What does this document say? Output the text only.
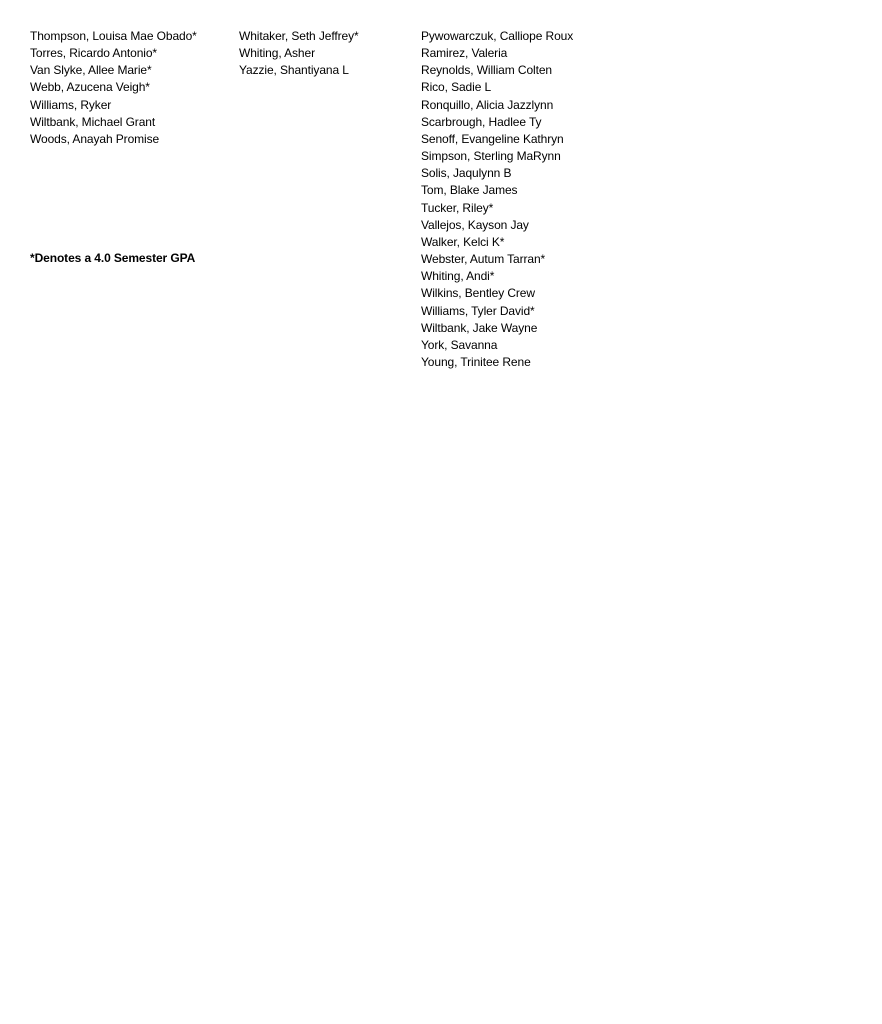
Thompson, Louisa Mae Obado*
Torres, Ricardo Antonio*
Van Slyke, Allee Marie*
Webb, Azucena Veigh*
Williams, Ryker
Wiltbank, Michael Grant
Woods, Anayah Promise
Whitaker, Seth Jeffrey*
Whiting, Asher
Yazzie, Shantiyana L
Pywowarczuk, Calliope Roux
Ramirez, Valeria
Reynolds, William Colten
Rico, Sadie L
Ronquillo, Alicia Jazzlynn
Scarbrough, Hadlee Ty
Senoff, Evangeline Kathryn
Simpson, Sterling MaRynn
Solis, Jaqulynn B
Tom, Blake James
Tucker, Riley*
Vallejos, Kayson Jay
Walker, Kelci K*
Webster, Autum Tarran*
Whiting, Andi*
Wilkins, Bentley Crew
Williams, Tyler David*
Wiltbank, Jake Wayne
York, Savanna
Young, Trinitee Rene
*Denotes a 4.0 Semester GPA
